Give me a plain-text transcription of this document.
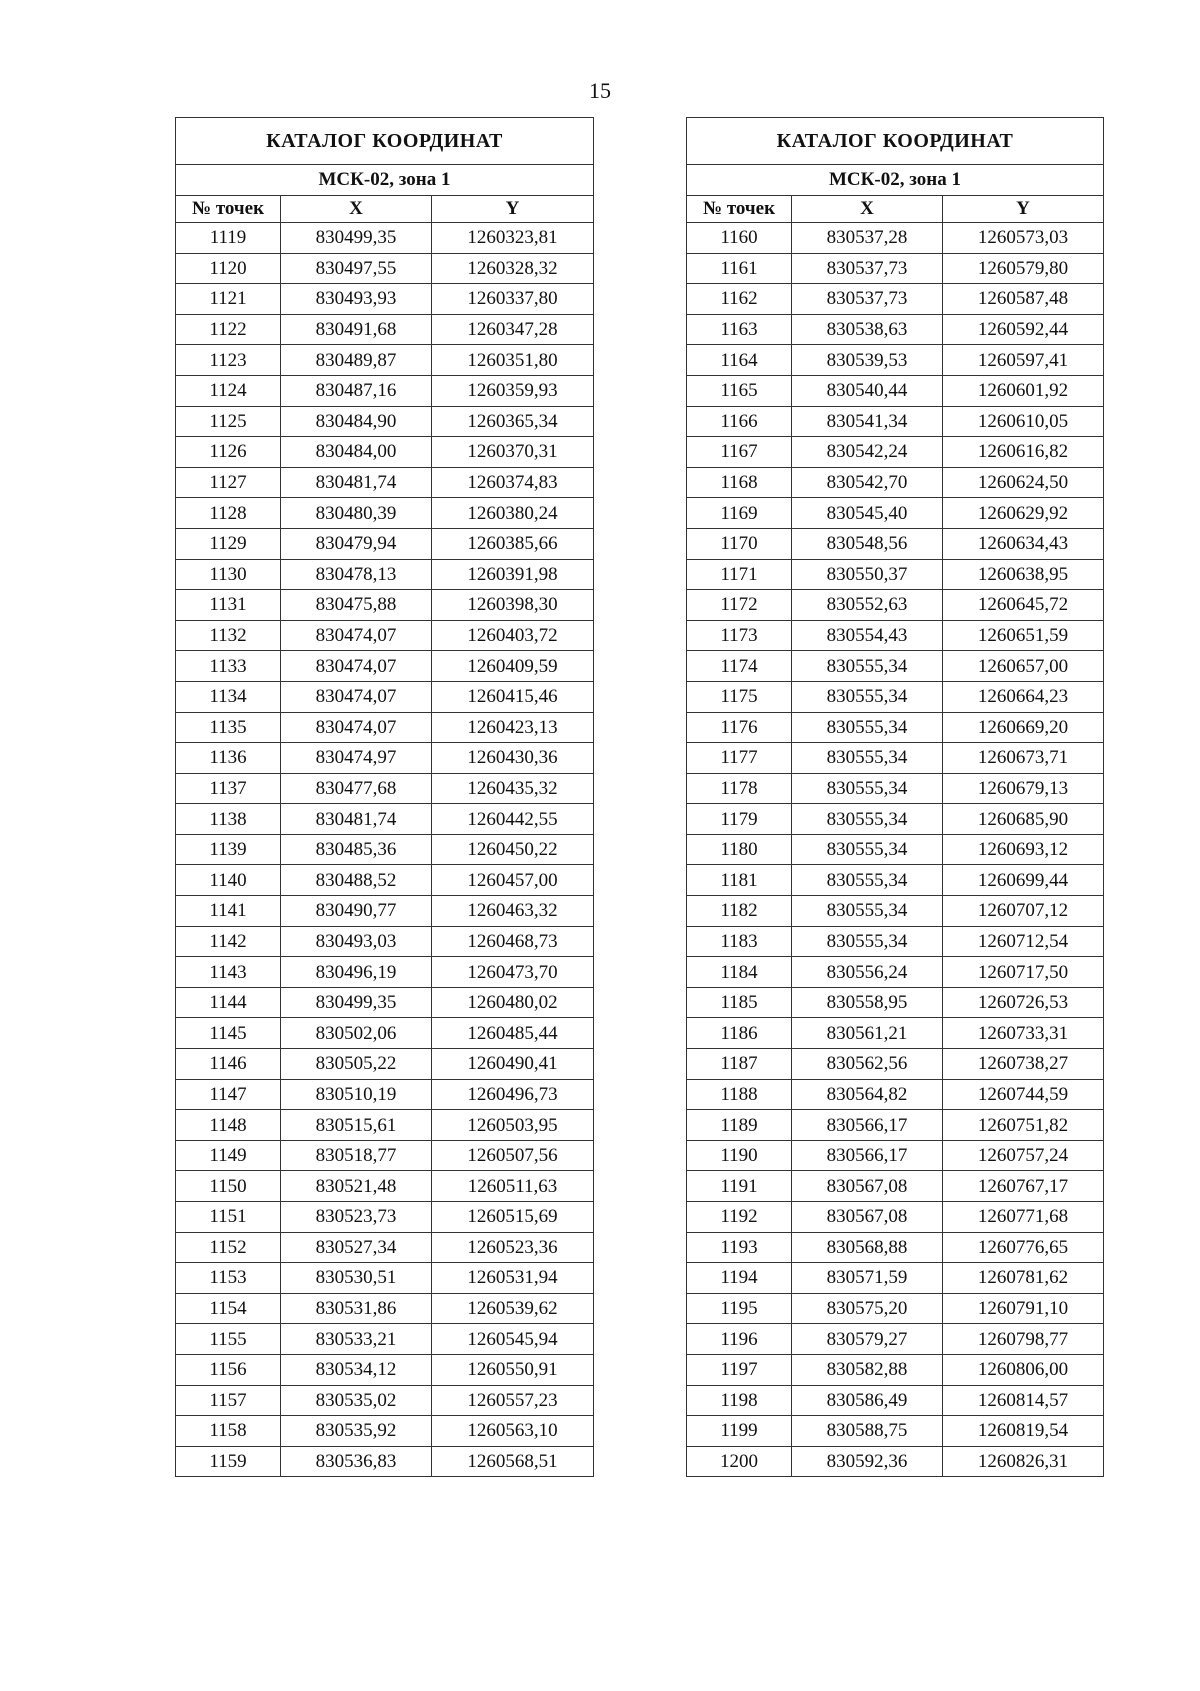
15
КАТАЛОГ КООРДИНАТ		
МСК-02, зона 1		
№ точек	X	Y
1119	830499,35	1260323,81
1120	830497,55	1260328,32
1121	830493,93	1260337,80
1122	830491,68	1260347,28
1123	830489,87	1260351,80
1124	830487,16	1260359,93
1125	830484,90	1260365,34
1126	830484,00	1260370,31
1127	830481,74	1260374,83
1128	830480,39	1260380,24
1129	830479,94	1260385,66
1130	830478,13	1260391,98
1131	830475,88	1260398,30
1132	830474,07	1260403,72
1133	830474,07	1260409,59
1134	830474,07	1260415,46
1135	830474,07	1260423,13
1136	830474,97	1260430,36
1137	830477,68	1260435,32
1138	830481,74	1260442,55
1139	830485,36	1260450,22
1140	830488,52	1260457,00
1141	830490,77	1260463,32
1142	830493,03	1260468,73
1143	830496,19	1260473,70
1144	830499,35	1260480,02
1145	830502,06	1260485,44
1146	830505,22	1260490,41
1147	830510,19	1260496,73
1148	830515,61	1260503,95
1149	830518,77	1260507,56
1150	830521,48	1260511,63
1151	830523,73	1260515,69
1152	830527,34	1260523,36
1153	830530,51	1260531,94
1154	830531,86	1260539,62
1155	830533,21	1260545,94
1156	830534,12	1260550,91
1157	830535,02	1260557,23
1158	830535,92	1260563,10
1159	830536,83	1260568,51
КАТАЛОГ КООРДИНАТ		
МСК-02, зона 1		
№ точек	X	Y
1160	830537,28	1260573,03
1161	830537,73	1260579,80
1162	830537,73	1260587,48
1163	830538,63	1260592,44
1164	830539,53	1260597,41
1165	830540,44	1260601,92
1166	830541,34	1260610,05
1167	830542,24	1260616,82
1168	830542,70	1260624,50
1169	830545,40	1260629,92
1170	830548,56	1260634,43
1171	830550,37	1260638,95
1172	830552,63	1260645,72
1173	830554,43	1260651,59
1174	830555,34	1260657,00
1175	830555,34	1260664,23
1176	830555,34	1260669,20
1177	830555,34	1260673,71
1178	830555,34	1260679,13
1179	830555,34	1260685,90
1180	830555,34	1260693,12
1181	830555,34	1260699,44
1182	830555,34	1260707,12
1183	830555,34	1260712,54
1184	830556,24	1260717,50
1185	830558,95	1260726,53
1186	830561,21	1260733,31
1187	830562,56	1260738,27
1188	830564,82	1260744,59
1189	830566,17	1260751,82
1190	830566,17	1260757,24
1191	830567,08	1260767,17
1192	830567,08	1260771,68
1193	830568,88	1260776,65
1194	830571,59	1260781,62
1195	830575,20	1260791,10
1196	830579,27	1260798,77
1197	830582,88	1260806,00
1198	830586,49	1260814,57
1199	830588,75	1260819,54
1200	830592,36	1260826,31
